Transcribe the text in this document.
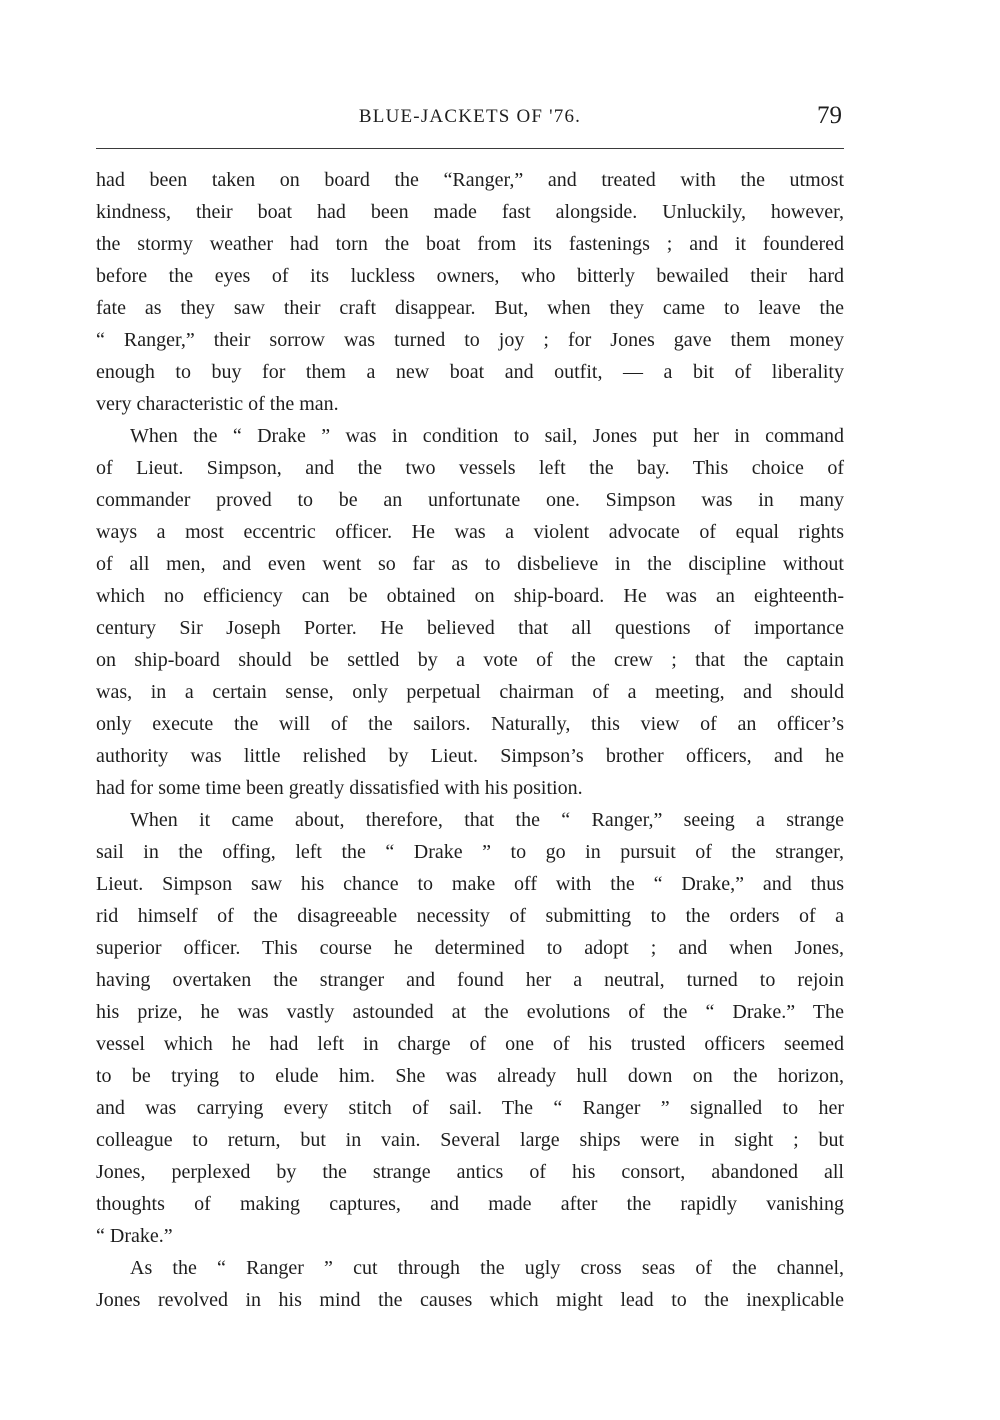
BLUE-JACKETS OF '76.	79
had been taken on board the “Ranger,” and treated with the utmost
kindness, their boat had been made fast alongside. Unluckily, however,
the stormy weather had torn the boat from its fastenings ; and it foundered
before the eyes of its luckless owners, who bitterly bewailed their hard
fate as they saw their craft disappear. But, when they came to leave the
“ Ranger,” their sorrow was turned to joy ; for Jones gave them money
enough to buy for them a new boat and outfit, — a bit of liberality
very characteristic of the man.
When the “ Drake ” was in condition to sail, Jones put her in command
of Lieut. Simpson, and the two vessels left the bay. This choice of
commander proved to be an unfortunate one. Simpson was in many
ways a most eccentric officer. He was a violent advocate of equal rights
of all men, and even went so far as to disbelieve in the discipline without
which no efficiency can be obtained on ship-board. He was an eighteenth-
century Sir Joseph Porter. He believed that all questions of importance
on ship-board should be settled by a vote of the crew ; that the captain
was, in a certain sense, only perpetual chairman of a meeting, and should
only execute the will of the sailors. Naturally, this view of an officer’s
authority was little relished by Lieut. Simpson’s brother officers, and he
had for some time been greatly dissatisfied with his position.
When it came about, therefore, that the “ Ranger,” seeing a strange
sail in the offing, left the “ Drake ” to go in pursuit of the stranger,
Lieut. Simpson saw his chance to make off with the “ Drake,” and thus
rid himself of the disagreeable necessity of submitting to the orders of a
superior officer. This course he determined to adopt ; and when Jones,
having overtaken the stranger and found her a neutral, turned to rejoin
his prize, he was vastly astounded at the evolutions of the “ Drake.” The
vessel which he had left in charge of one of his trusted officers seemed
to be trying to elude him. She was already hull down on the horizon,
and was carrying every stitch of sail. The “ Ranger ” signalled to her
colleague to return, but in vain. Several large ships were in sight ; but
Jones, perplexed by the strange antics of his consort, abandoned all
thoughts of making captures, and made after the rapidly vanishing
“ Drake.”
As the “ Ranger ” cut through the ugly cross seas of the channel,
Jones revolved in his mind the causes which might lead to the inexplicable
